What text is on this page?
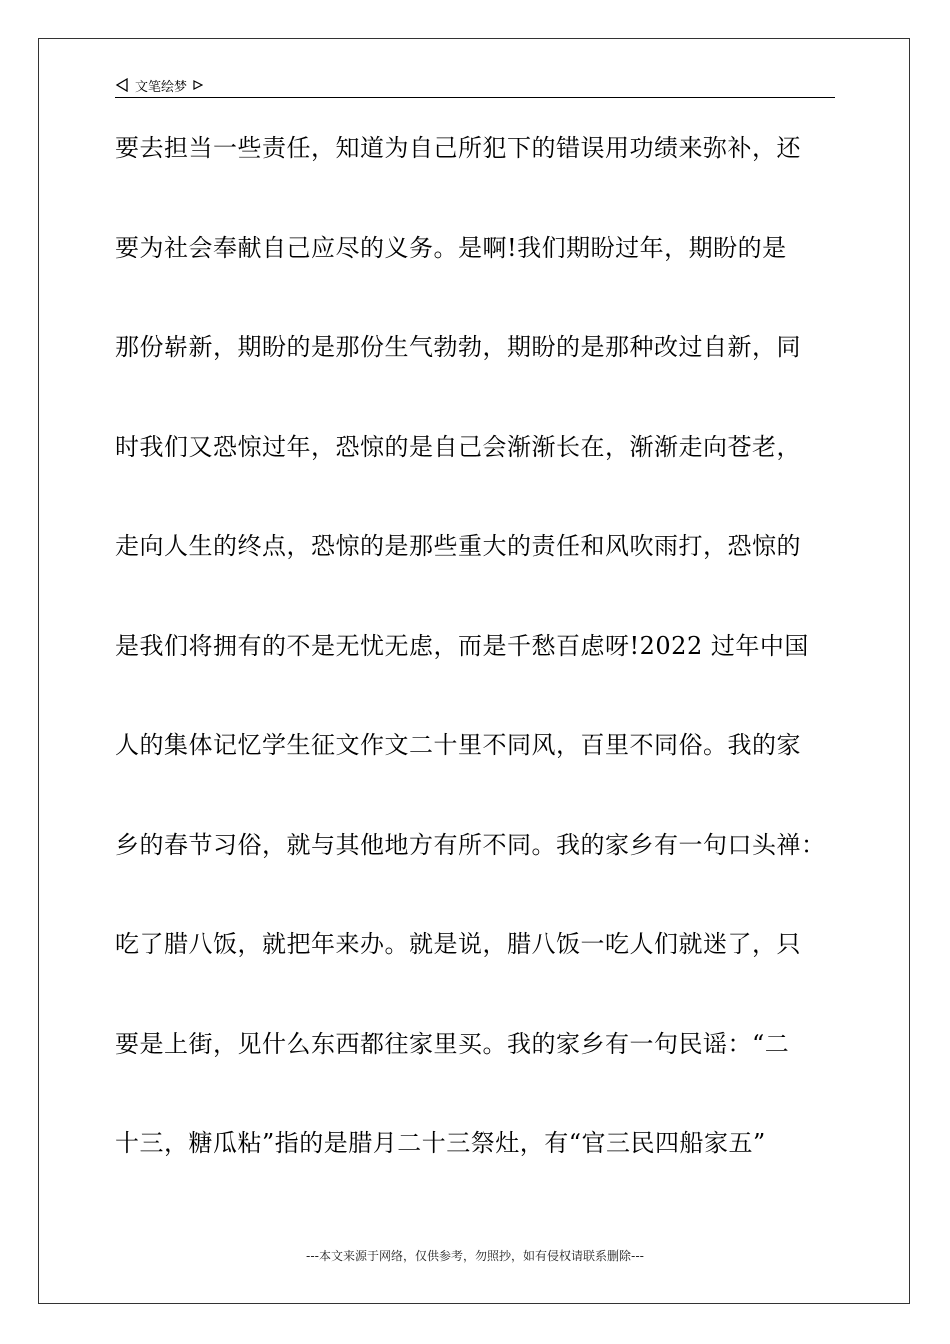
文笔绘梦
要去担当一些责任，知道为自己所犯下的错误用功绩来弥补，还
要为社会奉献自己应尽的义务。是啊!我们期盼过年，期盼的是
那份崭新，期盼的是那份生气勃勃，期盼的是那种改过自新，同
时我们又恐惊过年，恐惊的是自己会渐渐长在，渐渐走向苍老，
走向人生的终点，恐惊的是那些重大的责任和风吹雨打，恐惊的
是我们将拥有的不是无忧无虑，而是千愁百虑呀!2022 过年中国
人的集体记忆学生征文作文二十里不同风，百里不同俗。我的家
乡的春节习俗，就与其他地方有所不同。我的家乡有一句口头禅：
吃了腊八饭，就把年来办。就是说，腊八饭一吃人们就迷了，只
要是上街，见什么东西都往家里买。我的家乡有一句民谣：“二
十三，糖瓜粘”指的是腊月二十三祭灶，有“官三民四船家五”
---本文来源于网络，仅供参考，勿照抄，如有侵权请联系删除---
